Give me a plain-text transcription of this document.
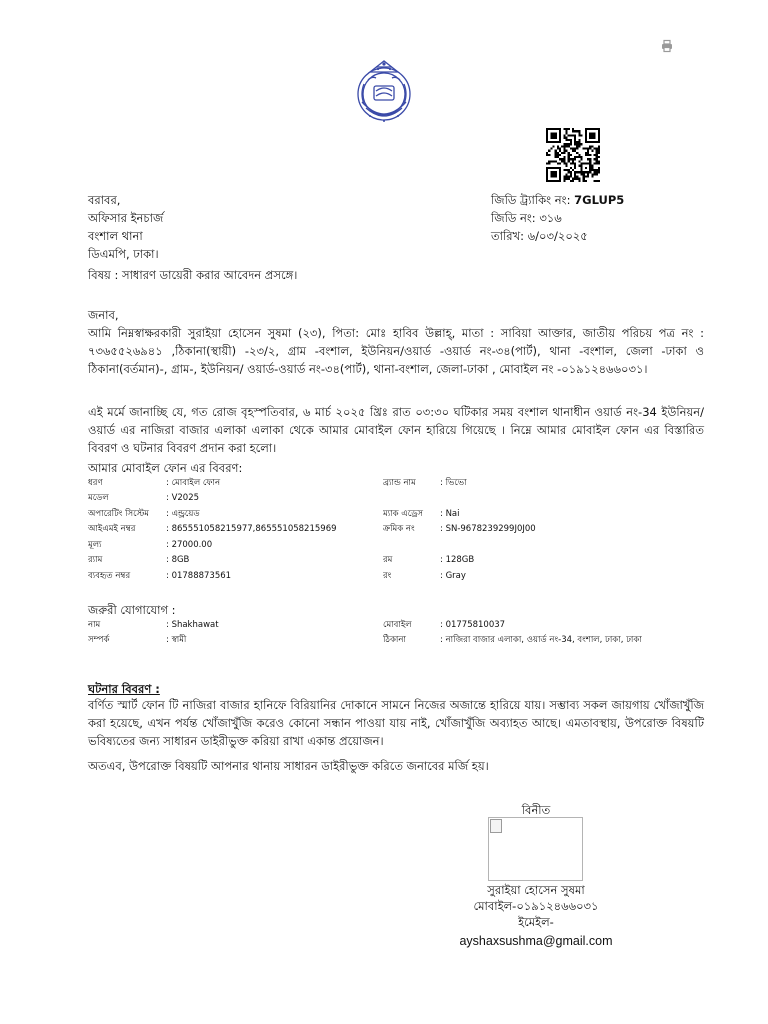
বরাবর,
অফিসার ইনচার্জ
বংশাল থানা
ডিএমপি, ঢাকা।
জিডি ট্র্যাকিং নং: 7GLUP5
জিডি নং: ৩১৬
তারিখ: ৬/০৩/২০২৫
বিষয় : সাধারণ ডায়েরী করার আবেদন প্রসঙ্গে।
জনাব,
আমি নিম্নস্বাক্ষরকারী সুরাইয়া হোসেন সুষমা (২৩), পিতা: মোঃ হাবিব উল্লাহ্‌, মাতা : সাবিয়া আক্তার, জাতীয় পরিচয় পত্র নং : ৭৩৬৫৫২৬৯৪১ ,ঠিকানা(স্থায়ী) -২৩/২, গ্রাম -বংশাল, ইউনিয়ন/ওয়ার্ড -ওয়ার্ড নং-৩৪(পার্ট), থানা -বংশাল, জেলা -ঢাকা ও ঠিকানা(বর্তমান)-, গ্রাম-, ইউনিয়ন/ ওয়ার্ড-ওয়ার্ড নং-৩৪(পার্ট), থানা-বংশাল, জেলা-ঢাকা , মোবাইল নং -০১৯১২৪৬৬০৩১।
এই মর্মে জানাচ্ছি যে, গত রোজ বৃহস্পতিবার, ৬ মার্চ ২০২৫ খ্রিঃ রাত ০৩:৩০ ঘটিকার সময় বংশাল থানাধীন ওয়ার্ড নং-34 ইউনিয়ন/ওয়ার্ড এর নাজিরা বাজার এলাকা এলাকা থেকে আমার মোবাইল ফোন হারিয়ে গিয়েছে । নিম্নে আমার মোবাইল ফোন এর বিস্তারিত বিবরণ ও ঘটনার বিবরণ প্রদান করা হলো।
আমার মোবাইল ফোন এর বিবরণ:
ধরণ	: মোবাইল ফোন	ব্র্যান্ড নাম	: ভিভো
মডেল	: V2025		
অপারেটিং সিস্টেম	: এন্ড্রয়েড	ম্যাক এড্রেস	: Nai
আইএমই নম্বর	: 865551058215977,865551058215969	ক্রমিক নং	: SN-9678239299J0J00
মূল্য	: 27000.00		
র‍্যাম	: 8GB	রম	: 128GB
ব্যবহৃত নম্বর	: 01788873561	রং	: Gray
জরুরী যোগাযোগ :
নাম	: Shakhawat	মোবাইল	: 01775810037
সম্পর্ক	: স্বামী	ঠিকানা	: নাজিরা বাজার এলাকা, ওয়ার্ড নং-34, বংশাল, ঢাকা, ঢাকা
ঘটনার বিবরণ :
বর্ণিত স্মার্ট ফোন টি নাজিরা বাজার হানিফে বিরিয়ানির দোকানে সামনে নিজের অজান্তে হারিয়ে যায়। সম্ভাব্য সকল জায়গায় খোঁজাখুঁজি করা হয়েছে, এখন পর্যন্ত খোঁজাখুঁজি করেও কোনো সন্ধান পাওয়া যায় নাই, খোঁজাখুঁজি অব্যাহত আছে। এমতাবস্থায়, উপরোক্ত বিষয়টি ভবিষ্যতের জন্য সাধারন ডাইরীভুক্ত করিয়া রাখা একান্ত প্রয়োজন।
অতএব, উপরোক্ত বিষয়টি আপনার থানায় সাধারন ডাইরীভুক্ত করিতে জনাবের মর্জি হয়।
বিনীত
সুরাইয়া হোসেন সুষমা
মোবাইল-০১৯১২৪৬৬০৩১
ইমেইল-
ayshaxsushma@gmail.com
